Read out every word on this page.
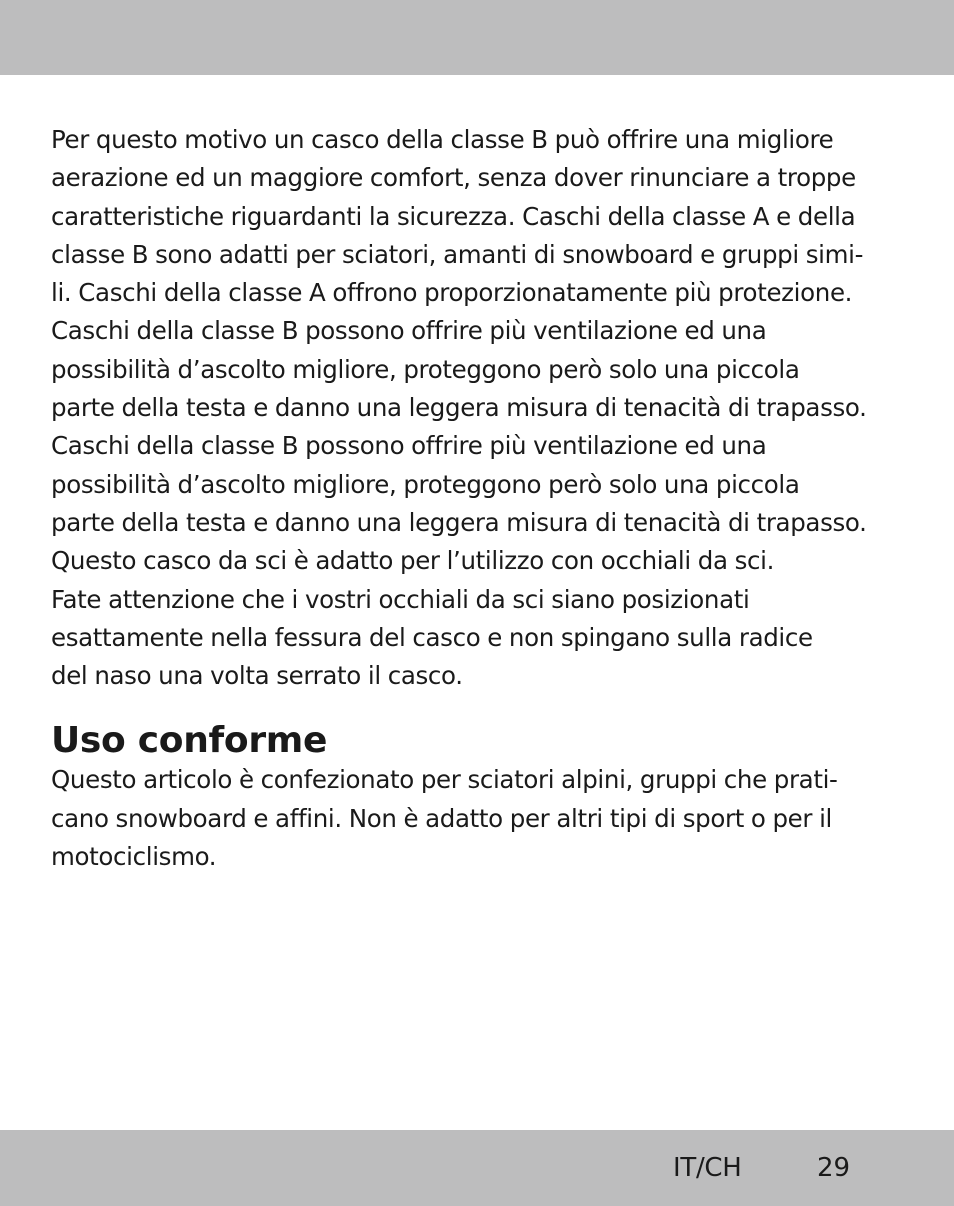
Per questo motivo un casco della classe B può offrire una migliore
aerazione ed un maggiore comfort, senza dover rinunciare a troppe
caratteristiche riguardanti la sicurezza. Caschi della classe A e della
classe B sono adatti per sciatori, amanti di snowboard e gruppi simi-
li. Caschi della classe A offrono proporzionatamente più protezione.
Caschi della classe B possono offrire più ventilazione ed una
possibilità d’ascolto migliore, proteggono però solo una piccola
parte della testa e danno una leggera misura di tenacità di trapasso.
Caschi della classe B possono offrire più ventilazione ed una
possibilità d’ascolto migliore, proteggono però solo una piccola
parte della testa e danno una leggera misura di tenacità di trapasso.
Questo casco da sci è adatto per l’utilizzo con occhiali da sci.
Fate attenzione che i vostri occhiali da sci siano posizionati
esattamente nella fessura del casco e non spingano sulla radice
del naso una volta serrato il casco.
Uso conforme
Questo articolo è confezionato per sciatori alpini, gruppi che prati-
cano snowboard e affini. Non è adatto per altri tipi di sport o per il
motociclismo.
IT/CH	29
